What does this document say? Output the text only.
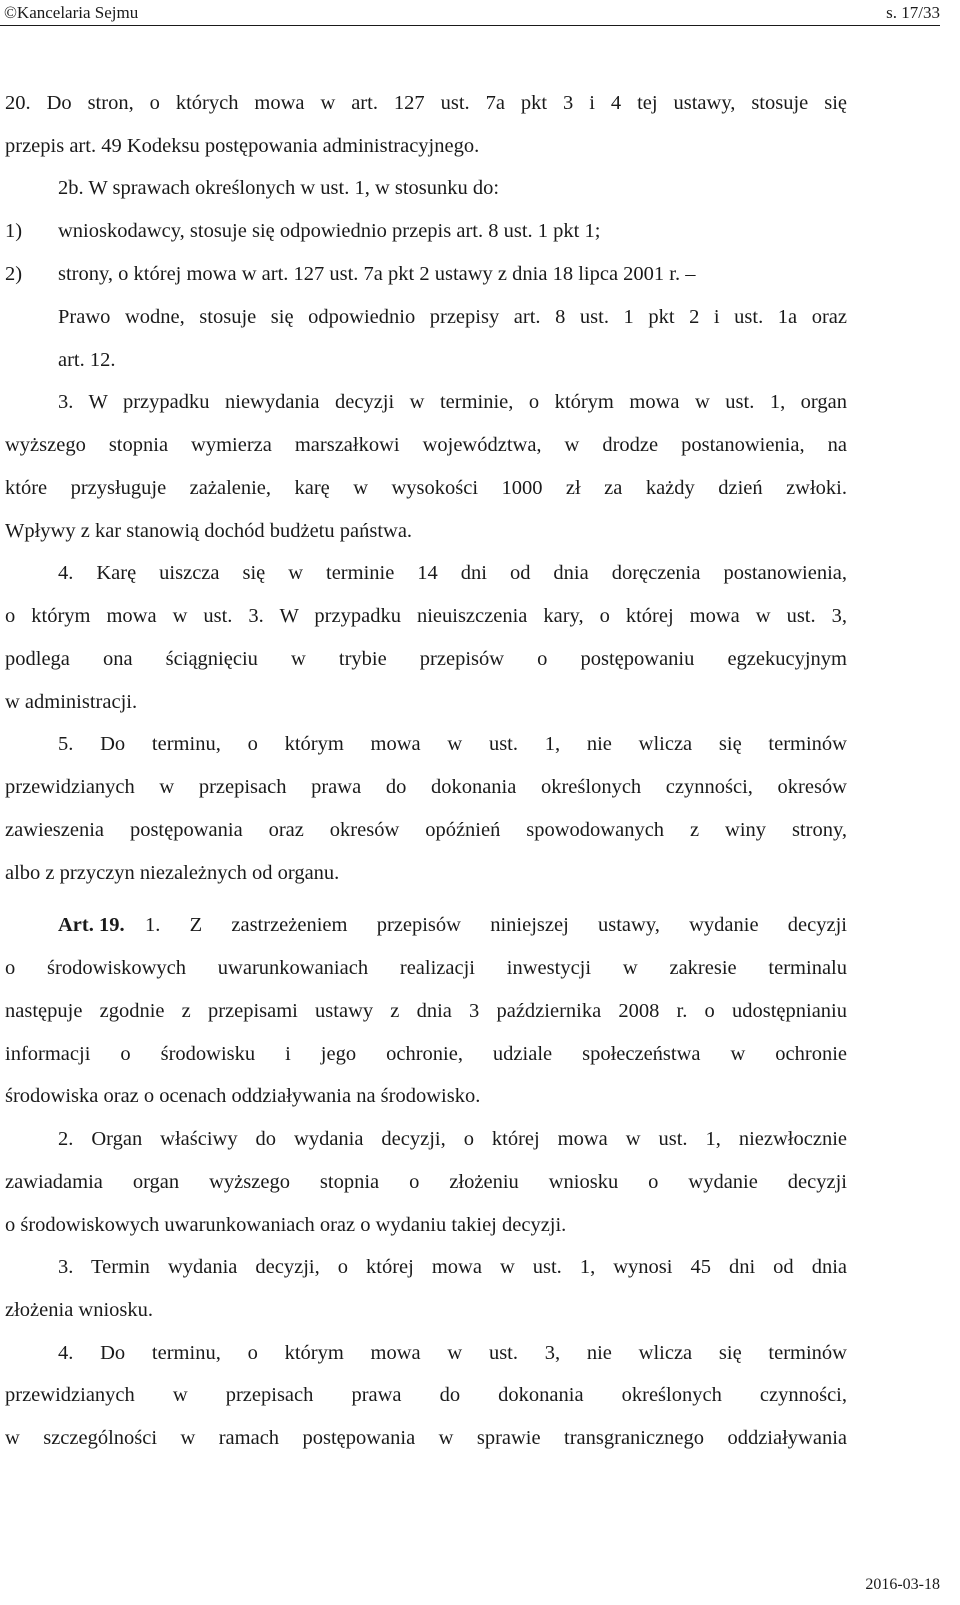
©Kancelaria Sejmu	s. 17/33
20. Do stron, o których mowa w art. 127 ust. 7a pkt 3 i 4 tej ustawy, stosuje się
przepis art. 49 Kodeksu postępowania administracyjnego.
2b. W sprawach określonych w ust. 1, w stosunku do:
1) wnioskodawcy, stosuje się odpowiednio przepis art. 8 ust. 1 pkt 1;
2) strony, o której mowa w art. 127 ust. 7a pkt 2 ustawy z dnia 18 lipca 2001 r. –
Prawo wodne, stosuje się odpowiednio przepisy art. 8 ust. 1 pkt 2 i ust. 1a oraz
art. 12.
3. W przypadku niewydania decyzji w terminie, o którym mowa w ust. 1, organ
wyższego stopnia wymierza marszałkowi województwa, w drodze postanowienia, na
które przysługuje zażalenie, karę w wysokości 1000 zł za każdy dzień zwłoki.
Wpływy z kar stanowią dochód budżetu państwa.
4. Karę uiszcza się w terminie 14 dni od dnia doręczenia postanowienia,
o którym mowa w ust. 3. W przypadku nieuiszczenia kary, o której mowa w ust. 3,
podlega ona ściągnięciu w trybie przepisów o postępowaniu egzekucyjnym
w administracji.
5. Do terminu, o którym mowa w ust. 1, nie wlicza się terminów
przewidzianych w przepisach prawa do dokonania określonych czynności, okresów
zawieszenia postępowania oraz okresów opóźnień spowodowanych z winy strony,
albo z przyczyn niezależnych od organu.
Art. 19. 1. Z zastrzeżeniem przepisów niniejszej ustawy, wydanie decyzji
o środowiskowych uwarunkowaniach realizacji inwestycji w zakresie terminalu
następuje zgodnie z przepisami ustawy z dnia 3 października 2008 r. o udostępnianiu
informacji o środowisku i jego ochronie, udziale społeczeństwa w ochronie
środowiska oraz o ocenach oddziaływania na środowisko.
2. Organ właściwy do wydania decyzji, o której mowa w ust. 1, niezwłocznie
zawiadamia organ wyższego stopnia o złożeniu wniosku o wydanie decyzji
o środowiskowych uwarunkowaniach oraz o wydaniu takiej decyzji.
3. Termin wydania decyzji, o której mowa w ust. 1, wynosi 45 dni od dnia
złożenia wniosku.
4. Do terminu, o którym mowa w ust. 3, nie wlicza się terminów
przewidzianych w przepisach prawa do dokonania określonych czynności,
w szczególności w ramach postępowania w sprawie transgranicznego oddziaływania
2016-03-18
